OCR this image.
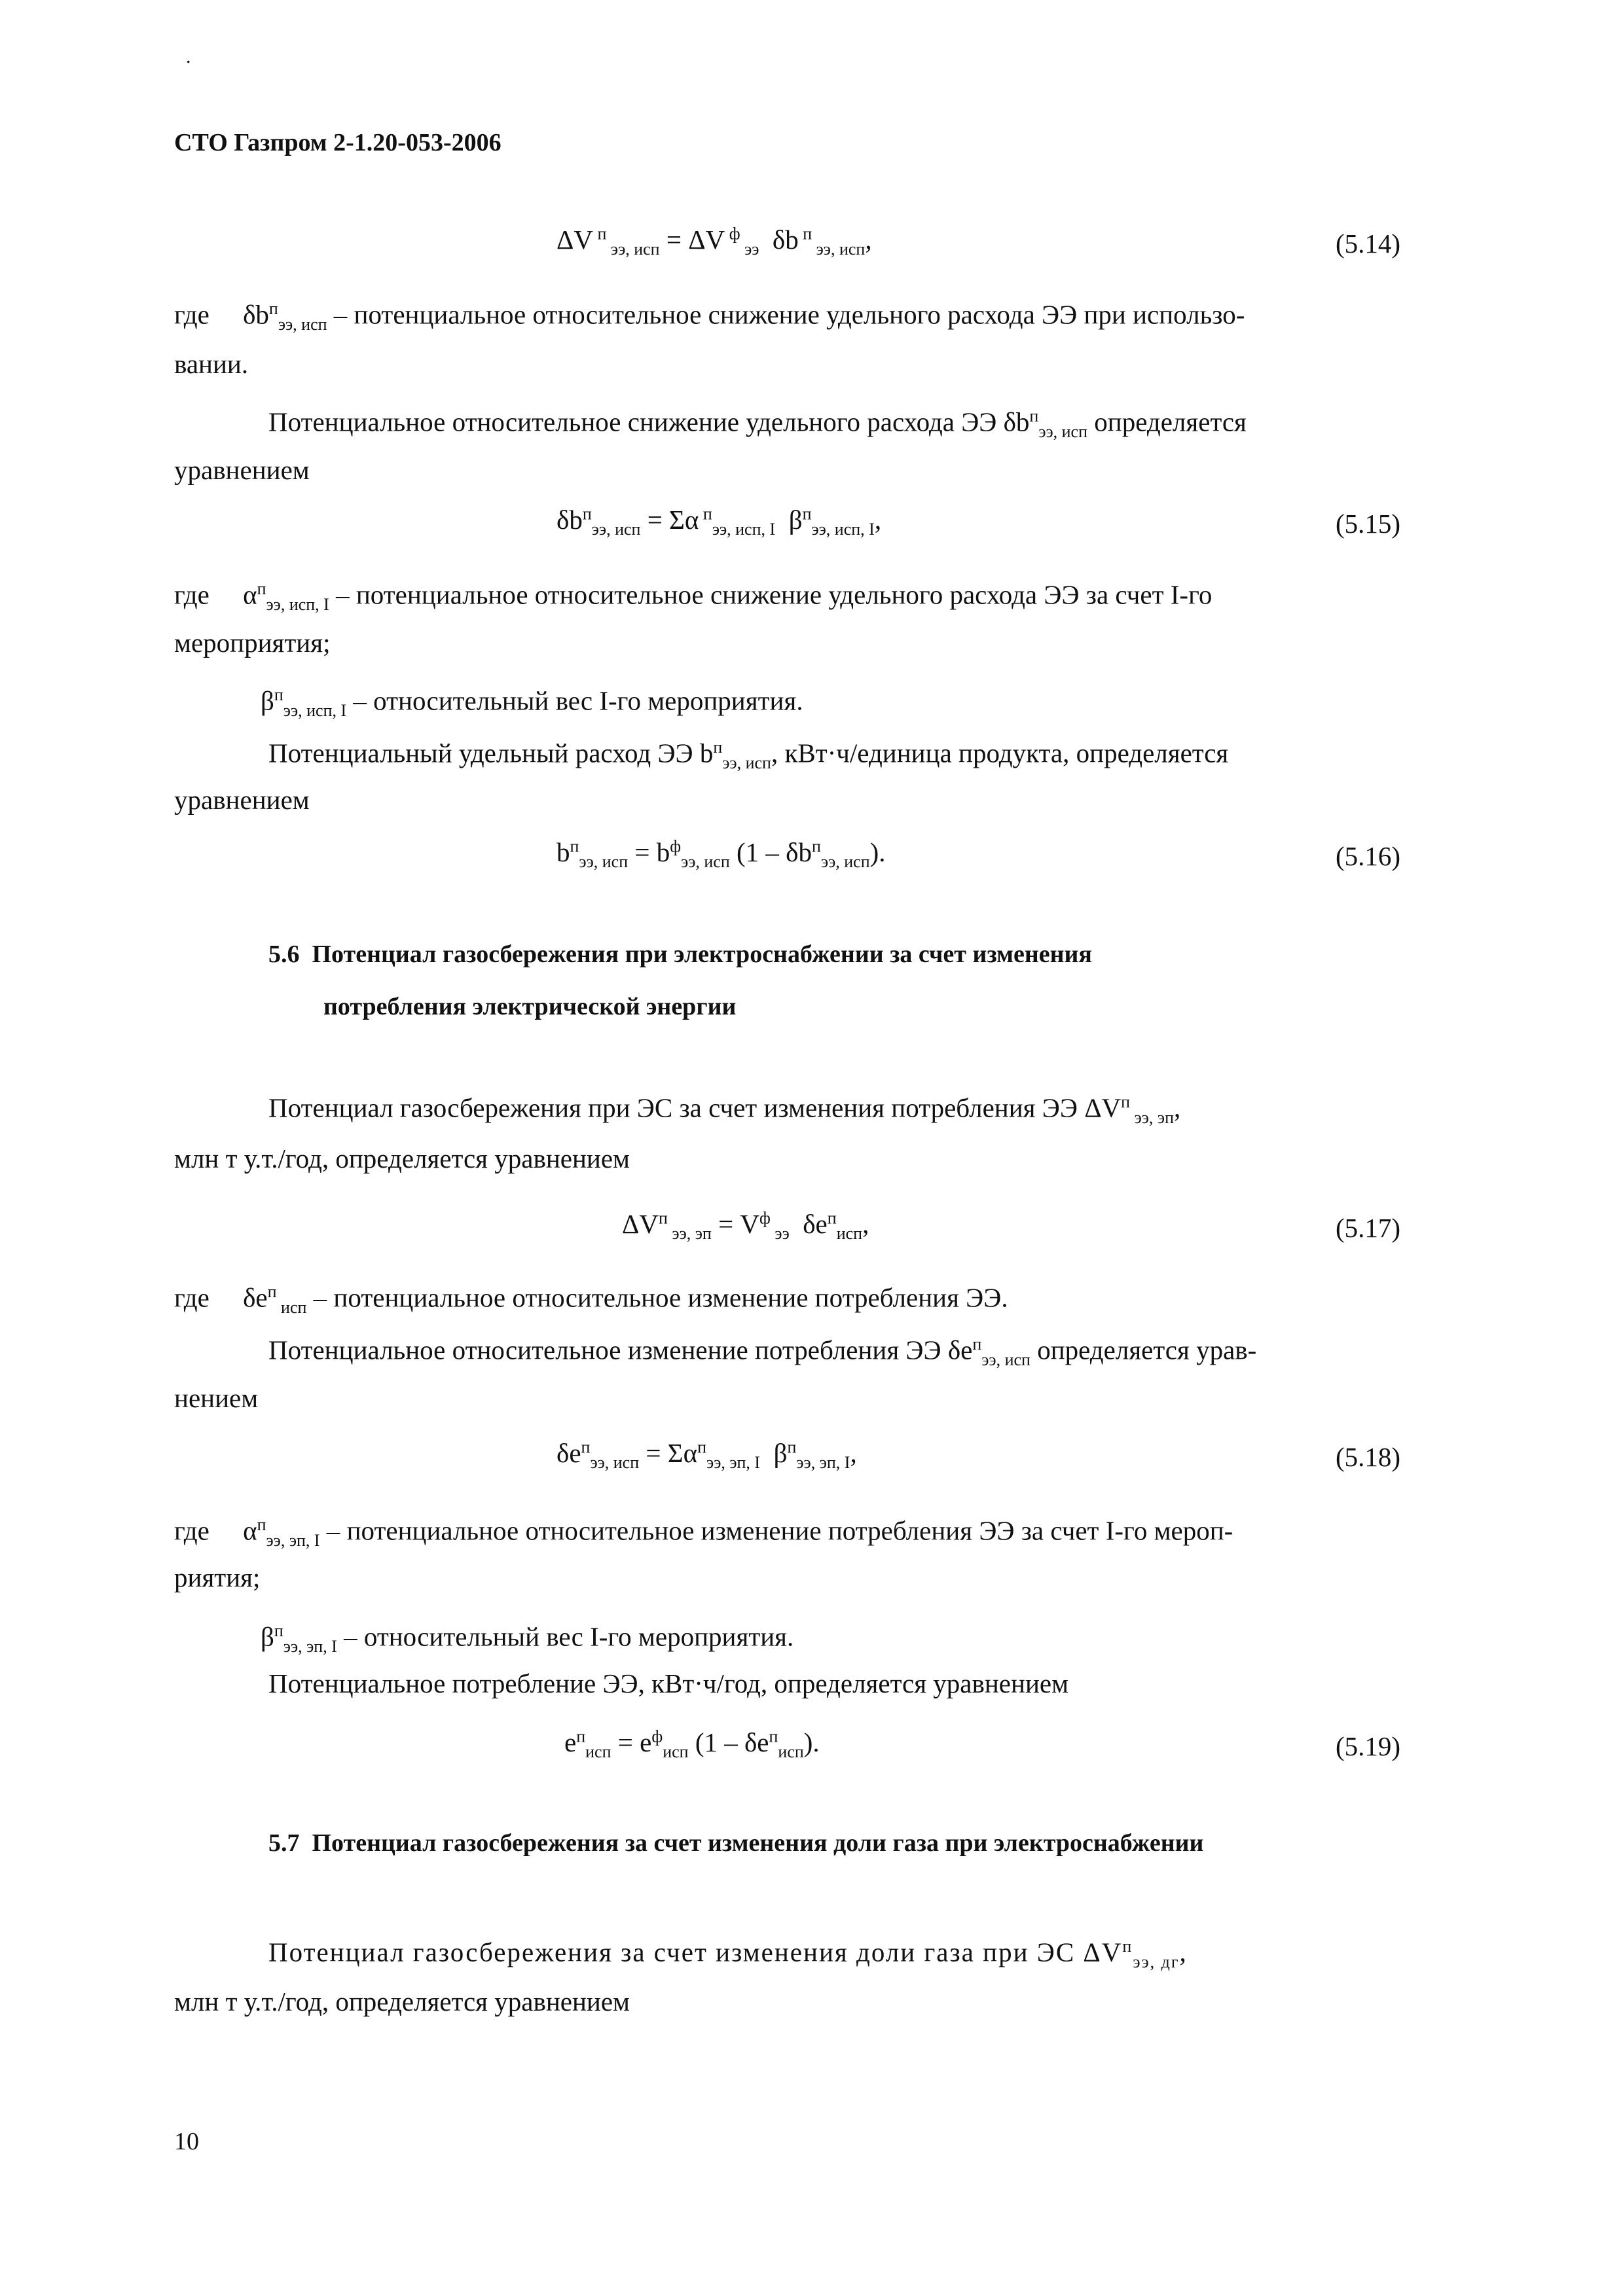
.
СТО Газпром 2-1.20-053-2006
ΔV $^п$ $_{ээ, исп}$ = ΔV $^ф$ $_{ээ}$  δb $^п$ $_{ээ, исп}$,	(5.14)
где     $\delta b^п_{ээ, исп}$ – потенциальное относительное снижение удельного расхода ЭЭ при использо-
вании.
Потенциальное относительное снижение удельного расхода ЭЭ $\delta b^п_{ээ, исп}$ определяется
уравнением
$\delta b^п_{ээ, исп} = \Sigma\alpha$ $^п_{ээ, исп, I}$  $\beta^п_{ээ, исп, I}$,	(5.15)
где     $\alpha^п_{ээ, исп, I}$ – потенциальное относительное снижение удельного расхода ЭЭ за счет I-го
мероприятия;
$\beta^п_{ээ, исп, I}$ – относительный вес I-го мероприятия.
Потенциальный удельный расход ЭЭ $b^п_{ээ, исп}$, кВт·ч/единица продукта, определяется
уравнением
$b^п_{ээ, исп} = b^ф_{ээ, исп}$ $(1 - \delta b^п_{ээ, исп})$.	(5.16)
5.6 Потенциал газосбережения при электроснабжении за счет изменения
потребления электрической энергии
Потенциал газосбережения при ЭС за счет изменения потребления ЭЭ $\Delta V^п$ $_{ээ, эп}$,
млн т у.т./год, определяется уравнением
$\Delta V^п$ $_{ээ, эп} = V^ф$ $_{ээ}$  $\delta e^п_{исп}$,	(5.17)
где     $\delta e^п$ $_{исп}$ – потенциальное относительное изменение потребления ЭЭ.
Потенциальное относительное изменение потребления ЭЭ $\delta e^п_{ээ, исп}$ определяется урав-
нением
$\delta e^п_{ээ, исп} = \Sigma\alpha^п_{ээ, эп, I}$  $\beta^п_{ээ, эп, I}$,	(5.18)
где     $\alpha^п_{ээ, эп, I}$ – потенциальное относительное изменение потребления ЭЭ за счет I-го мероп-
риятия;
$\beta^п_{ээ, эп, I}$ – относительный вес I-го мероприятия.
Потенциальное потребление ЭЭ, кВт·ч/год, определяется уравнением
$e^п_{исп} = e^ф_{исп}$ $(1 - \delta e^п_{исп})$.	(5.19)
5.7 Потенциал газосбережения за счет изменения доли газа при электроснабжении
Потенциал газосбережения за счет изменения доли газа при ЭС $\Delta V^п_{ээ, дг}$,
млн т у.т./год, определяется уравнением
10
